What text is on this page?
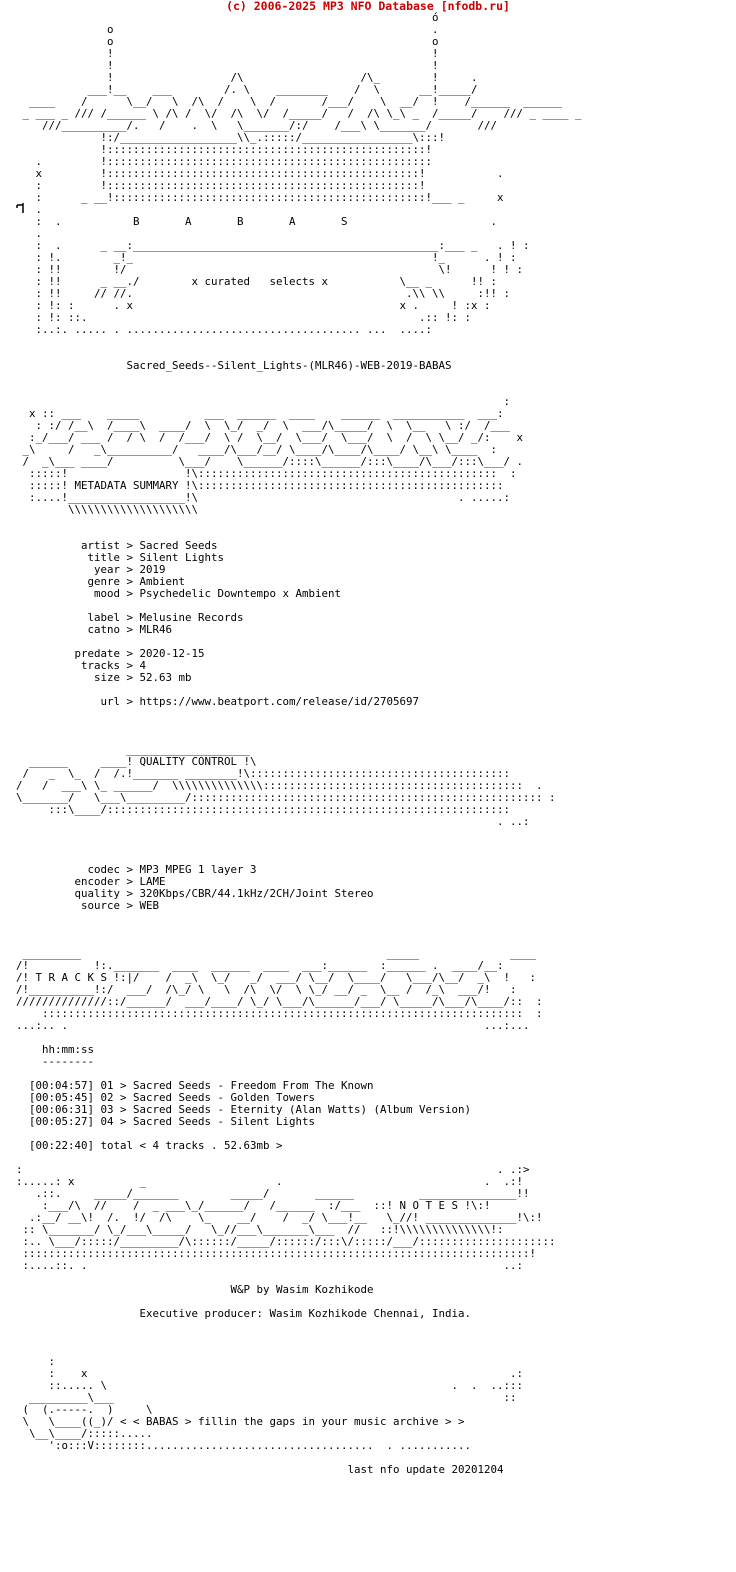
(c) 2006-2025 MP3 NFO Database [nfodb.ru]
ó
o                                                 .
o                                                 o
!                                                 !
!                                                 !
!                  /\                  /\_        !     .
___!__    ___        /. \    ________    /  \      __!_____/
____    /      \__/   \  /\  /    \  /       /___/    \  __/  !    /______  ______
_ ___ _ /// /______ \ /\ /  \/  /\  \/  /_____/   /  /\ \_\ _  /_____/    /// _ ____ _
///__________/.   /    .  \   \_______/:/    /___\ \_______/       ///
!:/__________________\\_.:::::/_________________\:::!
!:::::::::::::::::::::::::::::::::::::::::::::::::!
.         !::::::::::::::::::::::::::::::::::::::::::::::::::
x         !::::::::::::::::::::::::::::::::::::::::::::::::!           .
:         !::::::::::::::::::::::::::::::::::::::::::::::::!
:      _ __!::::::::::::::::::::::::::::::::::::::::::::::::!___ _     x
.
:  .           B       A       B       A       S                      .
.
:  .      _ __:_______________________________________________:___ _   . ! :
: !.        _!_                                              !_      . ! :
: !!        !/                                                \!      ! ! :
: !!      _ __./        x curated   selects x           \__ _      !! :
: !!     // //.                                          .\\ \\     :!! :
: !: :      . x                                         x .     ! :x :
: !: ::.                                                   .:: !: :
:..:. ..... . .................................... ...  ....:
Sacred_Seeds--Silent_Lights-(MLR46)-WEB-2019-BABAS
:
x :: ___    _____          ___  ______  ____    ______  ___________  ___:
: :/ /__\  /____\  ____/  \  \_/  _/  \  ___/\_____/  \  \__   \ :/  /___
:_/___/ ___ /  / \  /  /___/  \ /  \__/  \___/  \___/  \  /  \ \__/ _/:    x
_\     /   _\__________/   ____/\___/__/ \____/\____/\____/ \__\ \____  :
/  _\___ ____/          \___/    \______/::::\______/:::\____/\___/:::\___/ .
:::::!                  !\::::::::::::::::::::::::::::::::::::::::::::::  :
:::::! METADATA SUMMARY !\:::::::::::::::::::::::::::::::::::::::::::::::
:....!__________________!\                                        . .....:
\\\\\\\\\\\\\\\\\\\\
artist > Sacred Seeds
title > Silent Lights
year > 2019
genre > Ambient
mood > Psychedelic Downtempo x Ambient
label > Melusine Records
catno > MLR46
predate > 2020-12-15
tracks > 4
size > 52.63 mb
url > https://www.beatport.com/release/id/2705697
___________________
______     ____! QUALITY CONTROL !\
/   _  \_  /  /.!_______ ________!\::::::::::::::::::::::::::::::::::::::::
/   /  ___\ \_ ______/  \\\\\\\\\\\\\\::::::::::::::::::::::::::::::::::::::::  .
\_______/   \___\_________/:::::::::::::::::::::::::::::::::::::::::::::::::::::: :
:::\____/::::::::::::::::::::::::::::::::::::::::::::::::::::::::::::::
. ..:
codec > MP3 MPEG 1 layer 3
encoder > LAME
quality > 320Kbps/CBR/44.1kHz/2CH/Joint Stereo
source > WEB
_________                                               _____              ____
/!          !:._______  ____  ______  ____  ___:______  :______ .  ____/__:
/! T R A C K S !:|/    /  _\  \_/   _/  ___/ \__/  \____/   \___/\__/  _\  !   :
/!__________!:/  ___/  /\_/ \   \  /\  \/  \ \_/ __/ _  \__ /  /_\  ___/!   :
//////////////::/______/  ___/____/ \_/ \___/\______/___/ \_____/\___/\____/::  :
::::::::::::::::::::::::::::::::::::::::::::::::::::::::::::::::::::::::::  :
...:.. .                                                                ...:...
hh:mm:ss
--------
[00:04:57] 01 > Sacred Seeds - Freedom From The Known
[00:05:45] 02 > Sacred Seeds - Golden Towers
[00:06:31] 03 > Sacred Seeds - Eternity (Alan Watts) (Album Version)
[00:05:27] 04 > Sacred Seeds - Silent Lights
[00:22:40] total < 4 tracks . 52.63mb >
:                                                                         . .:>
:.....: x          _                    .                               .  .:!
.::.     _____/_______        _____/       ______          _______________!!
:___/\  //    /  _ ___\_/______/   /______  :/___  ::! N O T E S !\:!
.:__/ __\!  /.  !/  /\    \_    __/    /  _/ \___!__   \_//! ______________!\:!
:: \_______/ \_/___\_____/   \_//___\_______\___  //   ::!\\\\\\\\\\\\\\!:
:.. \___/:::::/_________/\::::::/_____/::::::/:::\/:::::/___/:::::::::::::::::::::
::::::::::::::::::::::::::::::::::::::::::::::::::::::::::::::::::::::::::::::!
:....::. .                                                                ..:
W&P by Wasim Kozhikode
Executive producer: Wasim Kozhikode Chennai, India.
:
:    x                                                                 .:
::..... \                                                     .  .  ..:::
_________\___                                                            ::
(  (.-----.  )     \
\   \____((_)/ < < BABAS > fillin the gaps in your music archive > >
\__\____/:::::.....
':o:::V::::::::...................................  . ...........
last nfo update 20201204
